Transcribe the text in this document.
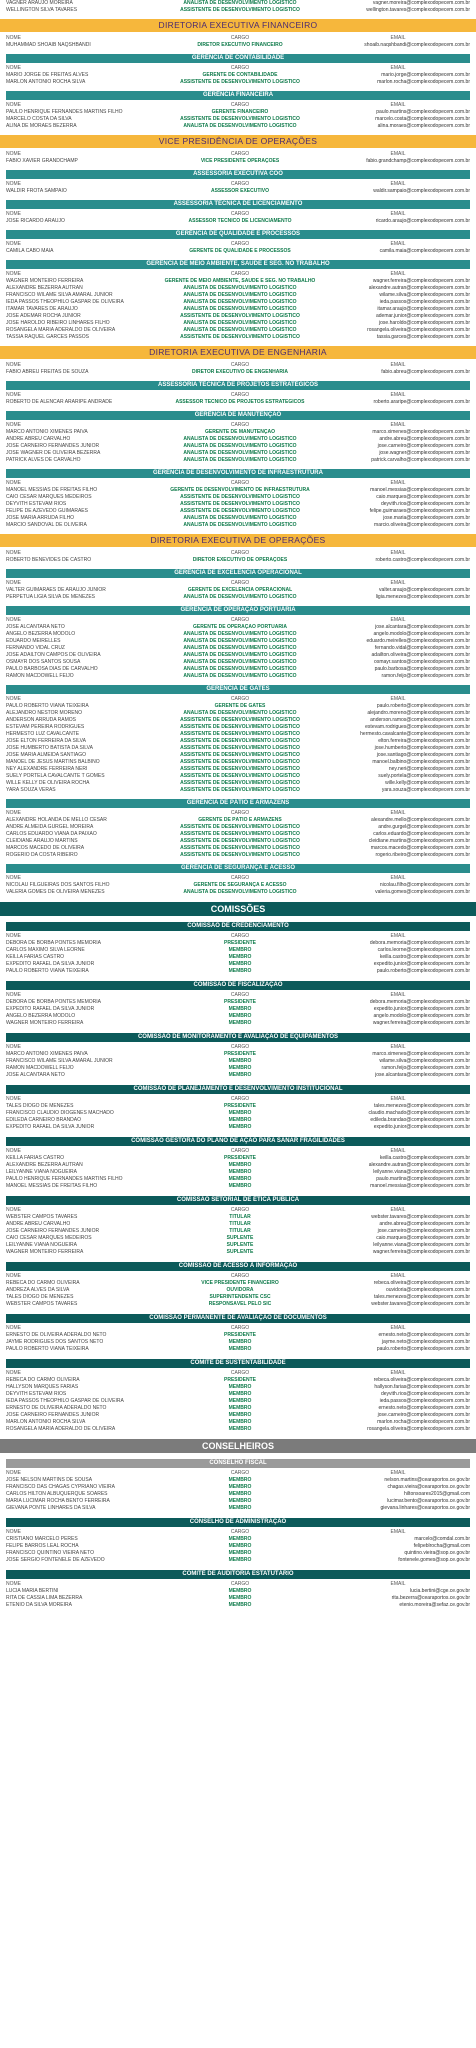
VAGNER ARAÚJO MOREIRA	ANALISTA DE DESENVOLVIMENTO LOGÍSTICO	vagner.moreira@complexodopecem.com.br
WELLINGTON SILVA TAVARES	ASSISTENTE DE DESENVOLVIMENTO LOGÍSTICO	wellington.tavares@complexodopecem.com.br
DIRETORIA EXECUTIVA FINANCEIRO
NOME	CARGO	EMAIL
MUHAMMAD SHOAIB NAQSHBANDI	DIRETOR EXECUTIVO FINANCEIRO	shoaib.naqshbandi@complexodopecem.com.br
GERÊNCIA DE CONTABILIDADE
NOME	CARGO	EMAIL
MARIO JORGE DE FREITAS ALVES	GERENTE DE CONTABILIDADE	mario.jorge@complexodopecem.com.br
MARLON ANTÔNIO ROCHA SILVA	ASSISTENTE DE DESENVOLVIMENTO LOGÍSTICO	marlon.rocha@complexodopecem.com.br
GERÊNCIA FINANCEIRA
NOME	CARGO	EMAIL
PAULO HENRIQUE FERNANDES MARTINS FILHO	GERENTE FINANCEIRO	paulo.martins@complexodopecem.com.br
MARCELO COSTA DA SILVA	ASSISTENTE DE DESENVOLVIMENTO LOGÍSTICO	marcelo.costa@complexodopecem.com.br
ALINA DE MORAES BEZERRA	ANALISTA DE DESENVOLVIMENTO LOGÍSTICO	alina.moraes@complexodopecem.com.br
VICE PRESIDÊNCIA DE OPERAÇÕES
NOME	CARGO	EMAIL
FÁBIO XAVIER GRANDCHAMP	VICE PRESIDENTE OPERAÇÕES	fabio.grandchamp@complexodopecem.com.br
ASSESSORIA EXECUTIVA COO
NOME	CARGO	EMAIL
WALDIR FROTA SAMPAIO	ASSESSOR EXECUTIVO	waldir.sampaio@complexodopecem.com.br
ASSESSORIA TÉCNICA DE LICENCIAMENTO
NOME	CARGO	EMAIL
JOSÉ RICARDO ARAÚJO	ASSESSOR TÉCNICO DE LICENCIAMENTO	ricardo.araujo@complexodopecem.com.br
GERÊNCIA DE QUALIDADE E PROCESSOS
NOME	CARGO	EMAIL
CAMILA CABÓ MAIA	GERENTE DE QUALIDADE E PROCESSOS	camila.maia@complexodopecem.com.br
GERÊNCIA DE MEIO AMBIENTE, SAÚDE E SEG. NO TRABALHO
NOME	CARGO	EMAIL
WAGNER MONTEIRO FERREIRA	GERENTE DE MEIO AMBIENTE, SAÚDE E SEG. NO TRABALHO	wagner.ferreira@complexodopecem.com.br
ALEXANDRE BEZERRA AUTRAN	ANALISTA DE DESENVOLVIMENTO LOGÍSTICO	alexandre.autran@complexodopecem.com.br
FRANCISCO WILAME SILVA AMARAL JÚNIOR	ANALISTA DE DESENVOLVIMENTO LOGÍSTICO	wilame.silva@complexodopecem.com.br
IEDA PASSOS THEOPHILO GASPAR DE OLIVEIRA	ANALISTA DE DESENVOLVIMENTO LOGÍSTICO	ieda.passos@complexodopecem.com.br
ITAMAR TAVARES DE ARAÚJO	ANALISTA DE DESENVOLVIMENTO LOGÍSTICO	itamar.araujo@complexodopecem.com.br
JOSE ADEMAR ROCHA JÚNIOR	ASSISTENTE DE DESENVOLVIMENTO LOGÍSTICO	ademar.junior@complexodopecem.com.br
JOSÉ HAROLDO RIBEIRO LINHARES FILHO	ANALISTA DE DESENVOLVIMENTO LOGÍSTICO	jose.haroldo@complexodopecem.com.br
ROSANGELA MARIA ADERALDO DE OLIVEIRA	ANALISTA DE DESENVOLVIMENTO LOGÍSTICO	rosangela.oliveira@complexodopecem.com.br
TASSIA RAQUEL GARCES PASSOS	ASSISTENTE DE DESENVOLVIMENTO LOGÍSTICO	tassia.garces@complexodopecem.com.br
DIRETORIA EXECUTIVA DE ENGENHARIA
NOME	CARGO	EMAIL
FÁBIO ABREU FREITAS DE SOUZA	DIRETOR EXECUTIVO DE ENGENHARIA	fabio.abreu@complexodopecem.com.br
ASSESSORIA TÉCNICA DE PROJETOS ESTRATÉGICOS
NOME	CARGO	EMAIL
ROBERTO DE ALENCAR ARARIPE ANDRADE	ASSESSOR TÉCNICO DE PROJETOS ESTRATÉGICOS	roberto.araripe@complexodopecem.com.br
GERÊNCIA DE MANUTENÇÃO
NOME	CARGO	EMAIL
MARCO ANTONIO XIMENES PAIVA	GERENTE DE MANUTENÇÃO	marco.ximenes@complexodopecem.com.br
ANDRE ABREU CARVALHO	ANALISTA DE DESENVOLVIMENTO LOGÍSTICO	andre.abreu@complexodopecem.com.br
JOSÉ CARNEIRO FERNANDES JÚNIOR	ANALISTA DE DESENVOLVIMENTO LOGÍSTICO	jose.carneiro@complexodopecem.com.br
JOSÉ WAGNER DE OLIVEIRA BEZERRA	ANALISTA DE DESENVOLVIMENTO LOGÍSTICO	jose.wagner@complexodopecem.com.br
PATRICK ALVES DE CARVALHO	ANALISTA DE DESENVOLVIMENTO LOGÍSTICO	patrick.carvalho@complexodopecem.com.br
GERÊNCIA DE DESENVOLVIMENTO DE INFRAESTRUTURA
NOME	CARGO	EMAIL
MANOEL MESSIAS DE FREITAS FILHO	GERENTE DE DESENVOLVIMENTO DE INFRAESTRUTURA	manoel.messias@complexodopecem.com.br
CAIO CÉSAR MARQUES MEDEIROS	ASSISTENTE DE DESENVOLVIMENTO LOGÍSTICO	caio.marques@complexodopecem.com.br
DEYVITH ESTEVAM RIOS	ASSISTENTE DE DESENVOLVIMENTO LOGÍSTICO	deyvith.rios@complexodopecem.com.br
FELIPE DE AZEVEDO GUIMARÃES	ASSISTENTE DE DESENVOLVIMENTO LOGÍSTICO	felipe.guimaraes@complexodopecem.com.br
JOSÉ MARIA ARRUDA FILHO	ANALISTA DE DESENVOLVIMENTO LOGÍSTICO	jose.maria@complexodopecem.com.br
MARCIO SANDOVAL DE OLIVEIRA	ANALISTA DE DESENVOLVIMENTO LOGÍSTICO	marcio.oliveira@complexodopecem.com.br
DIRETORIA EXECUTIVA DE OPERAÇÕES
NOME	CARGO	EMAIL
ROBERTO BENEVIDES DE CASTRO	DIRETOR EXECUTIVO DE OPERAÇÕES	roberto.castro@complexodopecem.com.br
GERÊNCIA DE EXCELENCIA OPERACIONAL
NOME	CARGO	EMAIL
VALTER GUIMARÃES DE ARAÚJO JÚNIOR	GERENTE DE EXCELENCIA OPERACIONAL	valter.araujo@complexodopecem.com.br
PERPÉTUA LÍGIA SILVA DE MENEZES	ANALISTA DE DESENVOLVIMENTO LOGÍSTICO	ligia.menezes@complexodopecem.com.br
GERÊNCIA DE OPERAÇÃO PORTUÁRIA
NOME	CARGO	EMAIL
JOSÉ ALCANTARA NETO	GERENTE DE OPERAÇÃO PORTUÁRIA	jose.alcantara@complexodopecem.com.br
ANGELO BEZERRA MODOLO	ANALISTA DE DESENVOLVIMENTO LOGÍSTICO	angelo.modolo@complexodopecem.com.br
EDUARDO MEIRELLES	ANALISTA DE DESENVOLVIMENTO LOGÍSTICO	eduardo.meirelles@complexodopecem.com.br
FERNANDO VIDAL CRUZ	ANALISTA DE DESENVOLVIMENTO LOGÍSTICO	fernando.vidal@complexodopecem.com.br
JOSÉ ADAILTON CAMPOS DE OLIVEIRA	ANALISTA DE DESENVOLVIMENTO LOGÍSTICO	adailton.oliveira@complexodopecem.com.br
OSMAYR DOS SANTOS SOUSA	ANALISTA DE DESENVOLVIMENTO LOGÍSTICO	osmayr.santos@complexodopecem.com.br
PAULO BARBOSA DIAS DE CARVALHO	ANALISTA DE DESENVOLVIMENTO LOGÍSTICO	paulo.barbosa@complexodopecem.com.br
RAMON MACDOWELL FEIJÓ	ANALISTA DE DESENVOLVIMENTO LOGÍSTICO	ramon.feijo@complexodopecem.com.br
GERÊNCIA DE GATES
NOME	CARGO	EMAIL
PAULO ROBERTO VIANA TEIXEIRA	GERENTE DE GATES	paulo.roberto@complexodopecem.com.br
ALEJANDRO NESTOR MORENO	ANALISTA DE DESENVOLVIMENTO LOGÍSTICO	alejandro.moreno@complexodopecem.com.br
ANDERSON ARRUDA RAMOS	ASSISTENTE DE DESENVOLVIMENTO LOGÍSTICO	anderson.ramos@complexodopecem.com.br
ESTEVAM PEREIRA RODRIGUES	ASSISTENTE DE DESENVOLVIMENTO LOGÍSTICO	estevam.rodrigues@complexodopecem.com.br
HERMESTO LUZ CAVALCANTE	ASSISTENTE DE DESENVOLVIMENTO LOGÍSTICO	hermesto.cavalcante@complexodopecem.com.br
JOSÉ ELTON FERREIRA DA SILVA	ASSISTENTE DE DESENVOLVIMENTO LOGÍSTICO	elton.ferreira@complexodopecem.com.br
JOSÉ HUMBERTO BATISTA DA SILVA	ASSISTENTE DE DESENVOLVIMENTO LOGÍSTICO	jose.humberto@complexodopecem.com.br
JOSÉ MARIA ALMEIDA SANTIAGO	ASSISTENTE DE DESENVOLVIMENTO LOGÍSTICO	jose.santiago@complexodopecem.com.br
MANOEL DE JESUS MARTINS BALBINO	ASSISTENTE DE DESENVOLVIMENTO LOGÍSTICO	manoel.balbino@complexodopecem.com.br
NEY ALEXANDRE FERREIRA NERI	ASSISTENTE DE DESENVOLVIMENTO LOGÍSTICO	ney.neri@complexodopecem.com.br
SUELY PORTELA CAVALCANTE T GOMES	ASSISTENTE DE DESENVOLVIMENTO LOGÍSTICO	suely.portela@complexodopecem.com.br
WILLE KELLY DE OLIVEIRA ROCHA	ASSISTENTE DE DESENVOLVIMENTO LOGÍSTICO	wille.kelly@complexodopecem.com.br
YARA SOUZA VERAS	ASSISTENTE DE DESENVOLVIMENTO LOGÍSTICO	yara.souza@complexodopecem.com.br
GERÊNCIA DE PÁTIO E ARMAZENS
NOME	CARGO	EMAIL
ALEXANDRE HOLANDA DE MELLO CESAR	GERENTE DE PÁTIO E ARMAZENS	alexandre.mello@complexodopecem.com.br
ANDRÉ ALMEIDA GURGEL MOREIRA	ASSISTENTE DE DESENVOLVIMENTO LOGÍSTICO	andre.gurgel@complexodopecem.com.br
CARLOS EDUARDO VIANA DA PAIXÃO	ASSISTENTE DE DESENVOLVIMENTO LOGÍSTICO	carlos.eduardo@complexodopecem.com.br
CLEIDIANE ARAÚJO MARTINS	ASSISTENTE DE DESENVOLVIMENTO LOGÍSTICO	cleidiane.martins@complexodopecem.com.br
MARCOS MACEDO DE OLIVEIRA	ASSISTENTE DE DESENVOLVIMENTO LOGÍSTICO	marcos.macedo@complexodopecem.com.br
ROGERIO DA COSTA RIBEIRO	ASSISTENTE DE DESENVOLVIMENTO LOGÍSTICO	rogerio.ribeiro@complexodopecem.com.br
GERÊNCIA DE SEGURANÇA E ACESSO
NOME	CARGO	EMAIL
NICOLAU FILGUEIRAS DOS SANTOS FILHO	GERENTE DE SEGURANÇA E ACESSO	nicolau.filho@complexodopecem.com.br
VALÉRIA GOMES DE OLIVEIRA MENEZES	ANALISTA DE DESENVOLVIMENTO LOGÍSTICO	valeria.gomes@complexodopecem.com.br
COMISSÕES
COMISSÃO DE CREDENCIAMENTO
NOME	CARGO	EMAIL
DEBORA DE BORBA PONTES MEMÓRIA	PRESIDENTE	debora.memoria@complexodopecem.com.br
CARLOS MAXIMO SILVA LEORNE	MEMBRO	carlos.leorne@complexodopecem.com.br
KEILLA FARIAS CASTRO	MEMBRO	keilla.castro@complexodopecem.com.br
EXPEDITO RAFAEL DA SILVA JÚNIOR	MEMBRO	expedito.junior@complexodopecem.com.br
PAULO ROBERTO VIANA TEIXEIRA	MEMBRO	paulo.roberto@complexodopecem.com.br
COMISSÃO DE FISCALIZAÇÃO
NOME	CARGO	EMAIL
DEBORA DE BORBA PONTES MEMÓRIA	PRESIDENTE	debora.memoria@complexodopecem.com.br
EXPEDITO RAFAEL DA SILVA JÚNIOR	MEMBRO	expedito.junior@complexodopecem.com.br
ANGELO BEZERRA MODOLO	MEMBRO	angelo.modolo@complexodopecem.com.br
WAGNER MONTEIRO FERREIRA	MEMBRO	wagner.ferreira@complexodopecem.com.br
COMISSÃO DE MONITORAMENTO E AVALIAÇÃO DE EQUIPAMENTOS
NOME	CARGO	EMAIL
MARCO ANTONIO XIMENES PAIVA	PRESIDENTE	marco.ximenes@complexodopecem.com.br
FRANCISCO WILAME SILVA AMARAL JÚNIOR	MEMBRO	wilame.silva@complexodopecem.com.br
RAMON MACDOWELL FEIJÓ	MEMBRO	ramon.feijo@complexodopecem.com.br
JOSÉ ALCANTARA NETO	MEMBRO	jose.alcantara@complexodopecem.com.br
COMISSÃO DE PLANEJAMENTO E DESENVOLVIMENTO INSTITUCIONAL
NOME	CARGO	EMAIL
TALES DIOGO DE MENEZES	PRESIDENTE	tales.menezes@complexodopecem.com.br
FRANCISCO CLAUDIO DIOGENES MACHADO	MEMBRO	claudio.machado@complexodopecem.com.br
EDILEDA CARNEIRO BRANDÃO	MEMBRO	edileda.brandao@complexodopecem.com.br
EXPEDITO RAFAEL DA SILVA JÚNIOR	MEMBRO	expedito.junior@complexodopecem.com.br
COMISSÃO GESTORA DO PLANO DE AÇÃO PARA SANAR FRAGILIDADES
NOME	CARGO	EMAIL
KEILLA FARIAS CASTRO	PRESIDENTE	keilla.castro@complexodopecem.com.br
ALEXANDRE BEZERRA AUTRAN	MEMBRO	alexandre.autran@complexodopecem.com.br
LEILYANNE VIANA NOGUEIRA	MEMBRO	leilyanne.viana@complexodopecem.com.br
PAULO HENRIQUE FERNANDES MARTINS FILHO	MEMBRO	paulo.martins@complexodopecem.com.br
MANOEL MESSIAS DE FREITAS FILHO	MEMBRO	manoel.messias@complexodopecem.com.br
COMISSÃO SETORIAL DE ÉTICA PÚBLICA
NOME	CARGO	EMAIL
WEBSTER CAMPOS TAVARES	TITULAR	webster.tavares@complexodopecem.com.br
ANDRE ABREU CARVALHO	TITULAR	andre.abreu@complexodopecem.com.br
JOSÉ CARNEIRO FERNANDES JÚNIOR	TITULAR	jose.carneiro@complexodopecem.com.br
CAIO CÉSAR MARQUES MEDEIROS	SUPLENTE	caio.marques@complexodopecem.com.br
LEILYANNE VIANA NOGUEIRA	SUPLENTE	leilyanne.viana@complexodopecem.com.br
WAGNER MONTEIRO FERREIRA	SUPLENTE	wagner.ferreira@complexodopecem.com.br
COMISSÃO DE ACESSO À INFORMAÇÃO
NOME	CARGO	EMAIL
REBECA DO CARMO OLIVEIRA	VICE PRESIDENTE FINANCEIRO	rebeca.oliveira@complexodopecem.com.br
ANDREZA ALVES DA SILVA	OUVIDORA	ouvidoria@complexodopecem.com.br
TALES DIOGO DE MENEZES	SUPERINTENDENTE CSC	tales.menezes@complexodopecem.com.br
WEBSTER CAMPOS TAVARES	RESPONSÁVEL PELO SIC	webster.tavares@complexodopecem.com.br
COMISSÃO PERMANENTE DE AVALIAÇÃO DE DOCUMENTOS
NOME	CARGO	EMAIL
ERNESTO DE OLIVEIRA ADERALDO NETO	PRESIDENTE	ernesto.neto@complexodopecem.com.br
JAYME RODRIGUES DOS SANTOS NETO	MEMBRO	jayme.neto@complexodopecem.com.br
PAULO ROBERTO VIANA TEIXEIRA	MEMBRO	paulo.roberto@complexodopecem.com.br
COMITÊ DE SUSTENTABILIDADE
NOME	CARGO	EMAIL
REBECA DO CARMO OLIVEIRA	PRESIDENTE	rebeca.oliveira@complexodopecem.com.br
HALLYSON MARQUES FARIAS	MEMBRO	hallyson.farias@complexodopecem.com.br
DEYVITH ESTEVAM RIOS	MEMBRO	deyvith.rios@complexodopecem.com.br
IEDA PASSOS THEOPHILO GASPAR DE OLIVEIRA	MEMBRO	ieda.passos@complexodopecem.com.br
ERNESTO DE OLIVEIRA ADERALDO NETO	MEMBRO	ernesto.neto@complexodopecem.com.br
JOSÉ CARNEIRO FERNANDES JÚNIOR	MEMBRO	jose.carneiro@complexodopecem.com.br
MARLON ANTÔNIO ROCHA SILVA	MEMBRO	marlon.rocha@complexodopecem.com.br
ROSANGELA MARIA ADERALDO DE OLIVEIRA	MEMBRO	rosangela.oliveira@complexodopecem.com.br
CONSELHEIROS
CONSELHO FISCAL
NOME	CARGO	EMAIL
JOSÉ NELSON MARTINS DE SOUSA	MEMBRO	nelson.martins@cearaportos.ce.gov.br
FRANCISCO DAS CHAGAS CYPRIANO VIEIRA	MEMBRO	chagas.vieira@cearaportos.ce.gov.br
CARLOS HILTON ALBUQUERQUE SOARES	MEMBRO	hiltonsoares2015@gmail.com
MARIA LUCIMAR ROCHA BENTO FERREIRA	MEMBRO	lucimar.bento@cearaportos.ce.gov.br
GIEVANA PONTE LINHARES DA SILVA	MEMBRO	gievana.linhares@cearaportos.ce.gov.br
CONSELHO DE ADMINISTRAÇÃO
NOME	CARGO	EMAIL
CRISTIANO MARCELO PERES	MEMBRO	marcelo@comdal.com.br
FELIPE BARROS LEAL ROCHA	MEMBRO	felipeblrocha@gmail.com
FRANCISCO QUINTINO VIEIRA NETO	MEMBRO	quintino.vieira@sop.ce.gov.br
JOSE SERGIO FONTENELE DE AZEVEDO	MEMBRO	fontenele.gomes@sop.ce.gov.br
COMITÊ DE AUDITORIA ESTATUTÁRIO
NOME	CARGO	EMAIL
LUCIA MARIA BERTINI	MEMBRO	lucia.bertini@cge.ce.gov.br
RITA DE CASSIA LIMA BEZERRA	MEMBRO	rita.bezerra@cearaportos.ce.gov.br
ETENIO DA SILVA MOREIRA	MEMBRO	etenio.moreira@sefaz.ce.gov.br
